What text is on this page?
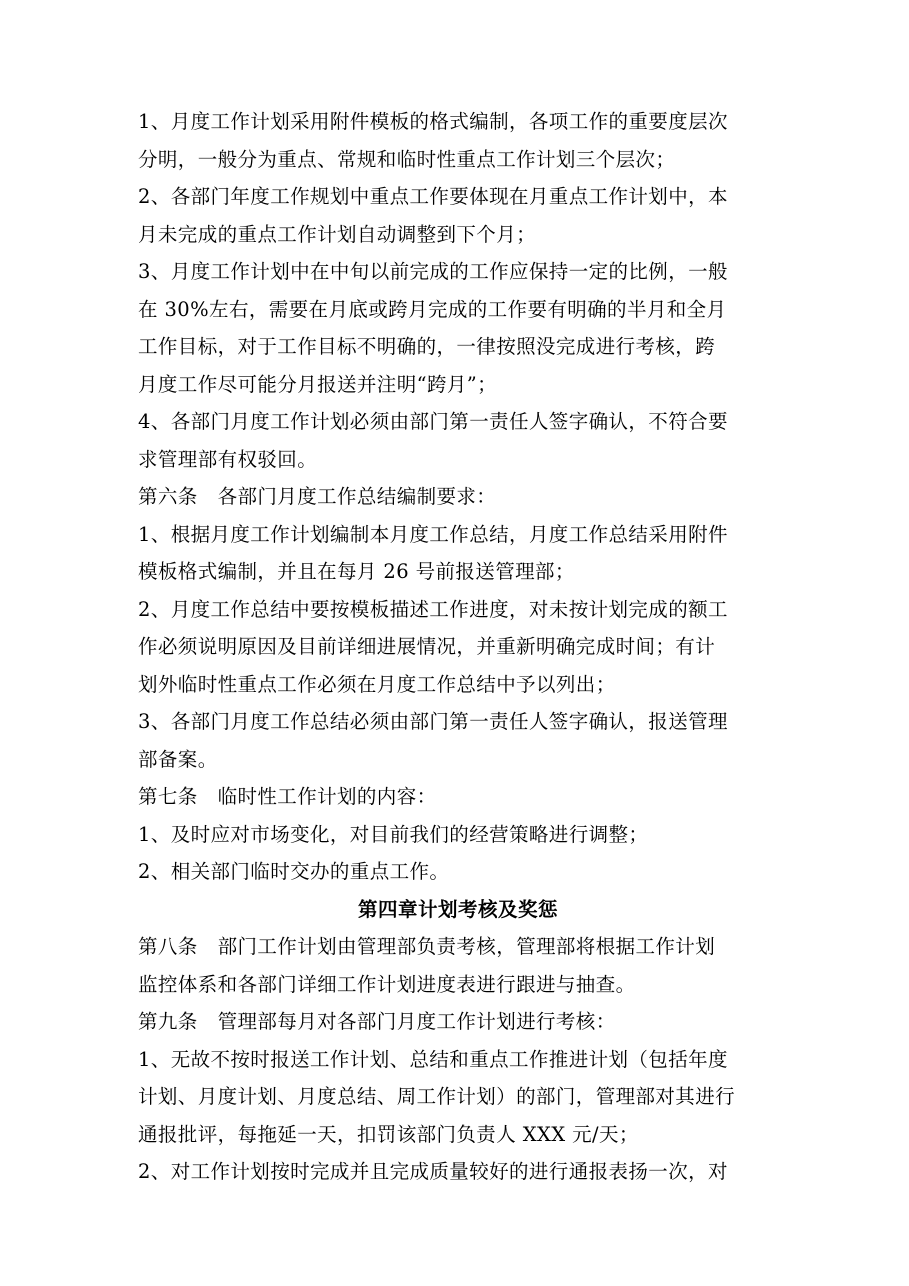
1、月度工作计划采用附件模板的格式编制，各项工作的重要度层次
分明，一般分为重点、常规和临时性重点工作计划三个层次；
2、各部门年度工作规划中重点工作要体现在月重点工作计划中，本
月未完成的重点工作计划自动调整到下个月；
3、月度工作计划中在中旬以前完成的工作应保持一定的比例，一般
在 30%左右，需要在月底或跨月完成的工作要有明确的半月和全月
工作目标，对于工作目标不明确的，一律按照没完成进行考核，跨
月度工作尽可能分月报送并注明“跨月”；
4、各部门月度工作计划必须由部门第一责任人签字确认，不符合要
求管理部有权驳回。
第六条　各部门月度工作总结编制要求：
1、根据月度工作计划编制本月度工作总结，月度工作总结采用附件
模板格式编制，并且在每月 26 号前报送管理部；
2、月度工作总结中要按模板描述工作进度，对未按计划完成的额工
作必须说明原因及目前详细进展情况，并重新明确完成时间；有计
划外临时性重点工作必须在月度工作总结中予以列出；
3、各部门月度工作总结必须由部门第一责任人签字确认，报送管理
部备案。
第七条　临时性工作计划的内容：
1、及时应对市场变化，对目前我们的经营策略进行调整；
2、相关部门临时交办的重点工作。
第四章计划考核及奖惩
第八条　部门工作计划由管理部负责考核，管理部将根据工作计划
监控体系和各部门详细工作计划进度表进行跟进与抽查。
第九条　管理部每月对各部门月度工作计划进行考核：
1、无故不按时报送工作计划、总结和重点工作推进计划（包括年度
计划、月度计划、月度总结、周工作计划）的部门，管理部对其进行
通报批评，每拖延一天，扣罚该部门负责人 XXX 元/天；
2、对工作计划按时完成并且完成质量较好的进行通报表扬一次，对
